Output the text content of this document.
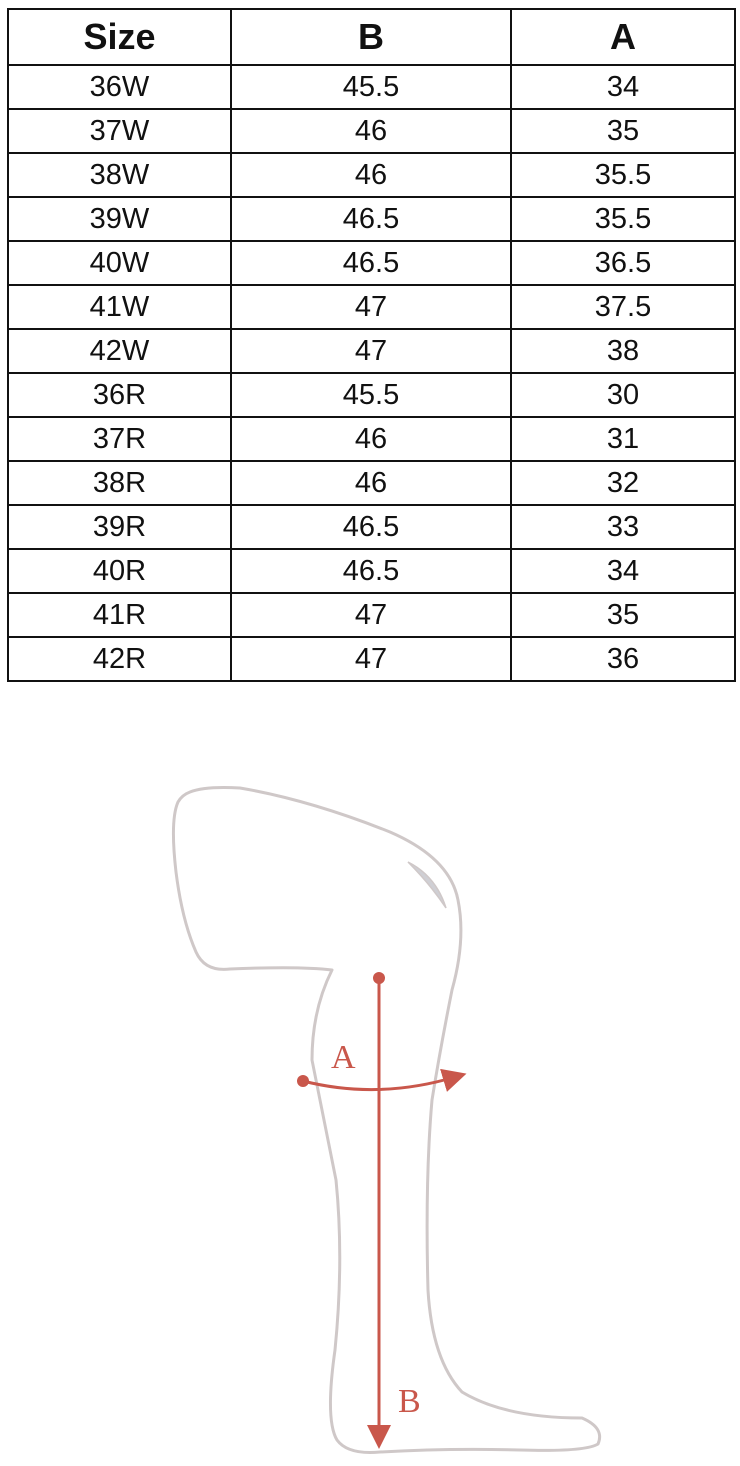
Size	B	A
36W	45.5	34
37W	46	35
38W	46	35.5
39W	46.5	35.5
40W	46.5	36.5
41W	47	37.5
42W	47	38
36R	45.5	30
37R	46	31
38R	46	32
39R	46.5	33
40R	46.5	34
41R	47	35
42R	47	36
A
B
